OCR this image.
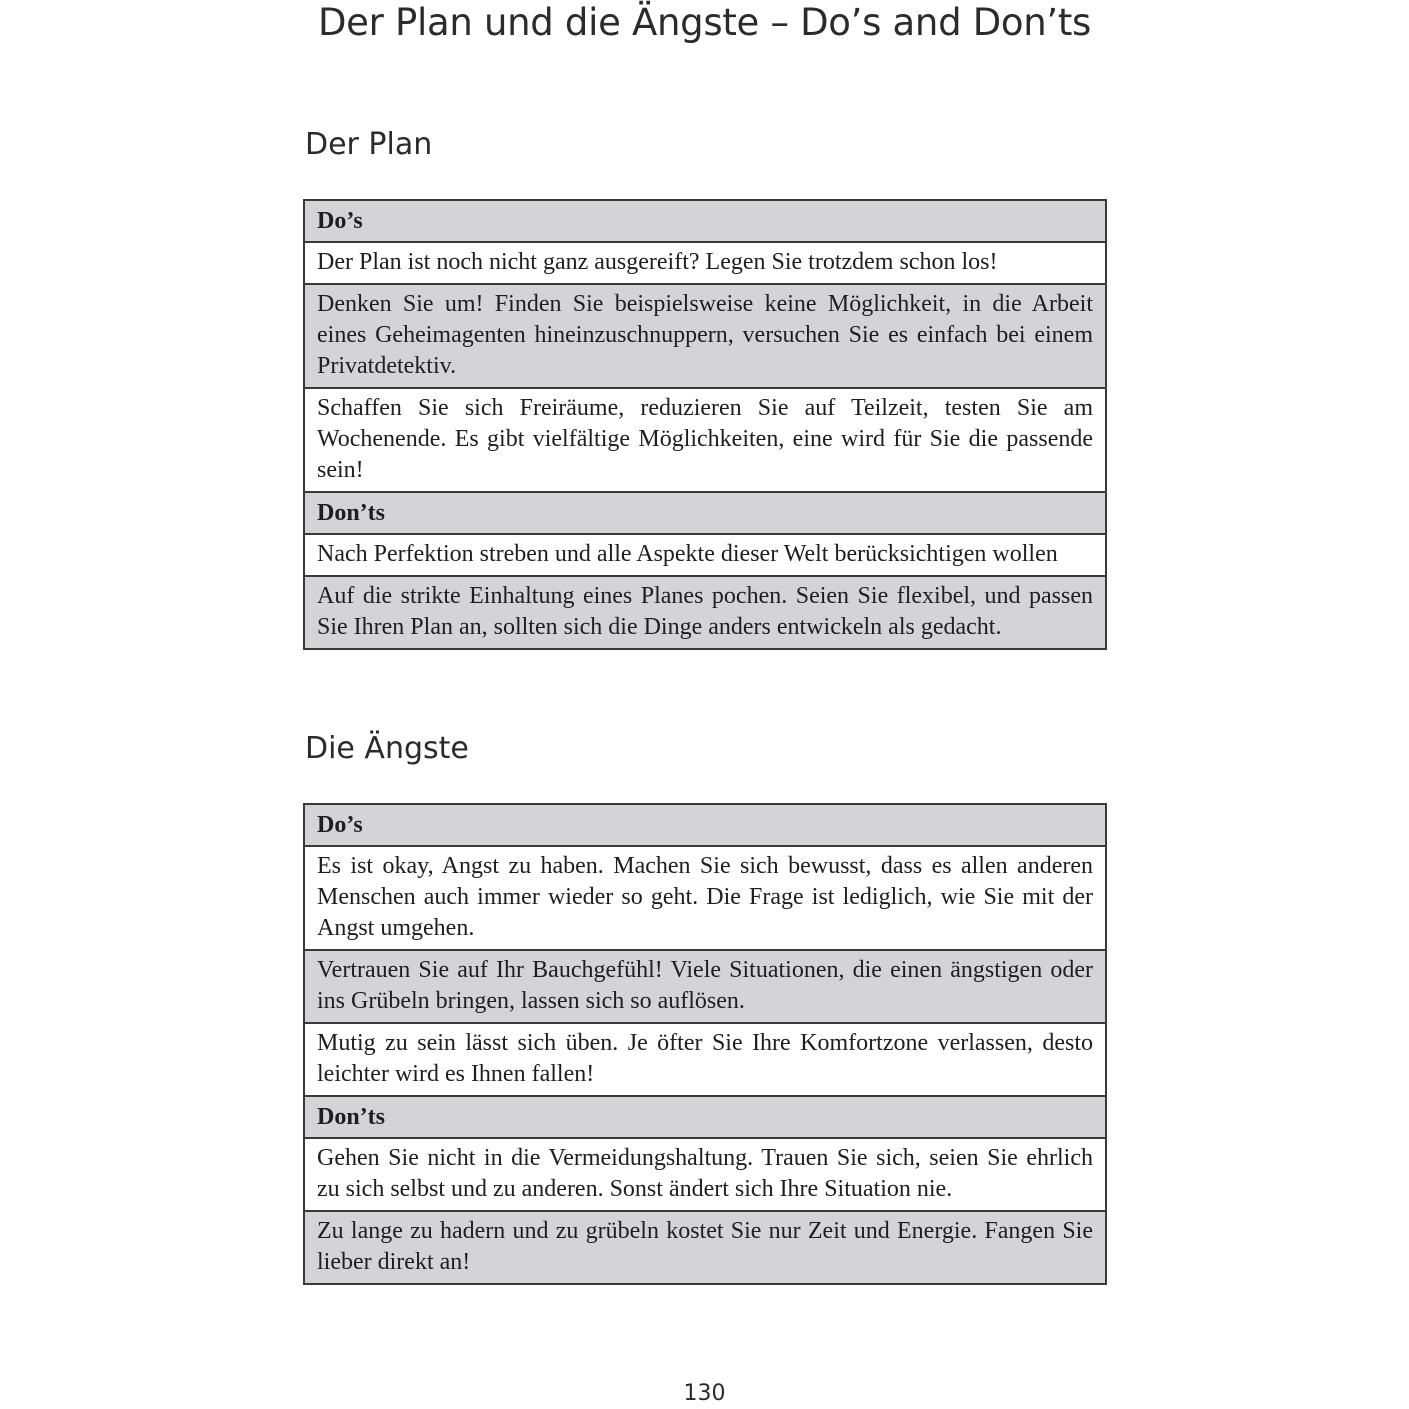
Der Plan und die Ängste – Do’s and Don’ts
Der Plan
Do’s
Der Plan ist noch nicht ganz ausgereift? Legen Sie trotzdem schon los!
Denken Sie um! Finden Sie beispielsweise keine Möglichkeit, in die Arbeit eines Geheimagenten hineinzuschnuppern, versuchen Sie es einfach bei einem Privatdetektiv.
Schaffen Sie sich Freiräume, reduzieren Sie auf Teilzeit, testen Sie am Wochenende. Es gibt vielfältige Möglichkeiten, eine wird für Sie die passende sein!
Don’ts
Nach Perfektion streben und alle Aspekte dieser Welt berücksichtigen wollen
Auf die strikte Einhaltung eines Planes pochen. Seien Sie flexibel, und passen Sie Ihren Plan an, sollten sich die Dinge anders entwickeln als gedacht.
Die Ängste
Do’s
Es ist okay, Angst zu haben. Machen Sie sich bewusst, dass es allen anderen Menschen auch immer wieder so geht. Die Frage ist lediglich, wie Sie mit der Angst umgehen.
Vertrauen Sie auf Ihr Bauchgefühl! Viele Situationen, die einen ängstigen oder ins Grübeln bringen, lassen sich so auflösen.
Mutig zu sein lässt sich üben. Je öfter Sie Ihre Komfortzone verlassen, desto leichter wird es Ihnen fallen!
Don’ts
Gehen Sie nicht in die Vermeidungshaltung. Trauen Sie sich, seien Sie ehrlich zu sich selbst und zu anderen. Sonst ändert sich Ihre Situation nie.
Zu lange zu hadern und zu grübeln kostet Sie nur Zeit und Energie. Fangen Sie lieber direkt an!
130
